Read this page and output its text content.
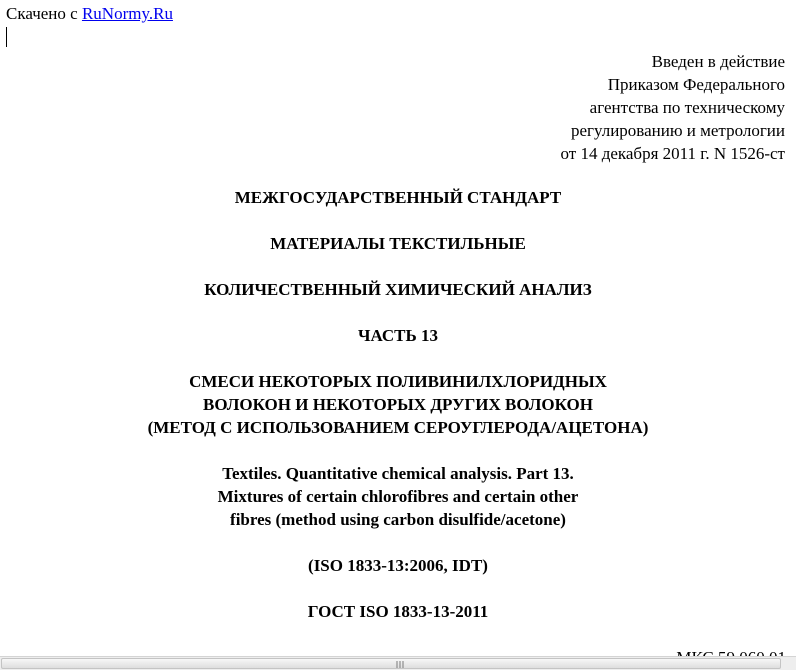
Скачено с RuNormy.Ru
Введен в действие
Приказом Федерального
агентства по техническому
регулированию и метрологии
от 14 декабря 2011 г. N 1526-ст
МЕЖГОСУДАРСТВЕННЫЙ СТАНДАРТ
МАТЕРИАЛЫ ТЕКСТИЛЬНЫЕ
КОЛИЧЕСТВЕННЫЙ ХИМИЧЕСКИЙ АНАЛИЗ
ЧАСТЬ 13
СМЕСИ НЕКОТОРЫХ ПОЛИВИНИЛХЛОРИДНЫХ
ВОЛОКОН И НЕКОТОРЫХ ДРУГИХ ВОЛОКОН
(МЕТОД С ИСПОЛЬЗОВАНИЕМ СЕРОУГЛЕРОДА/АЦЕТОНА)
Textiles. Quantitative chemical analysis. Part 13.
Mixtures of certain chlorofibres and certain other
fibres (method using carbon disulfide/acetone)
(ISO 1833-13:2006, IDT)
ГОСТ ISO 1833-13-2011
